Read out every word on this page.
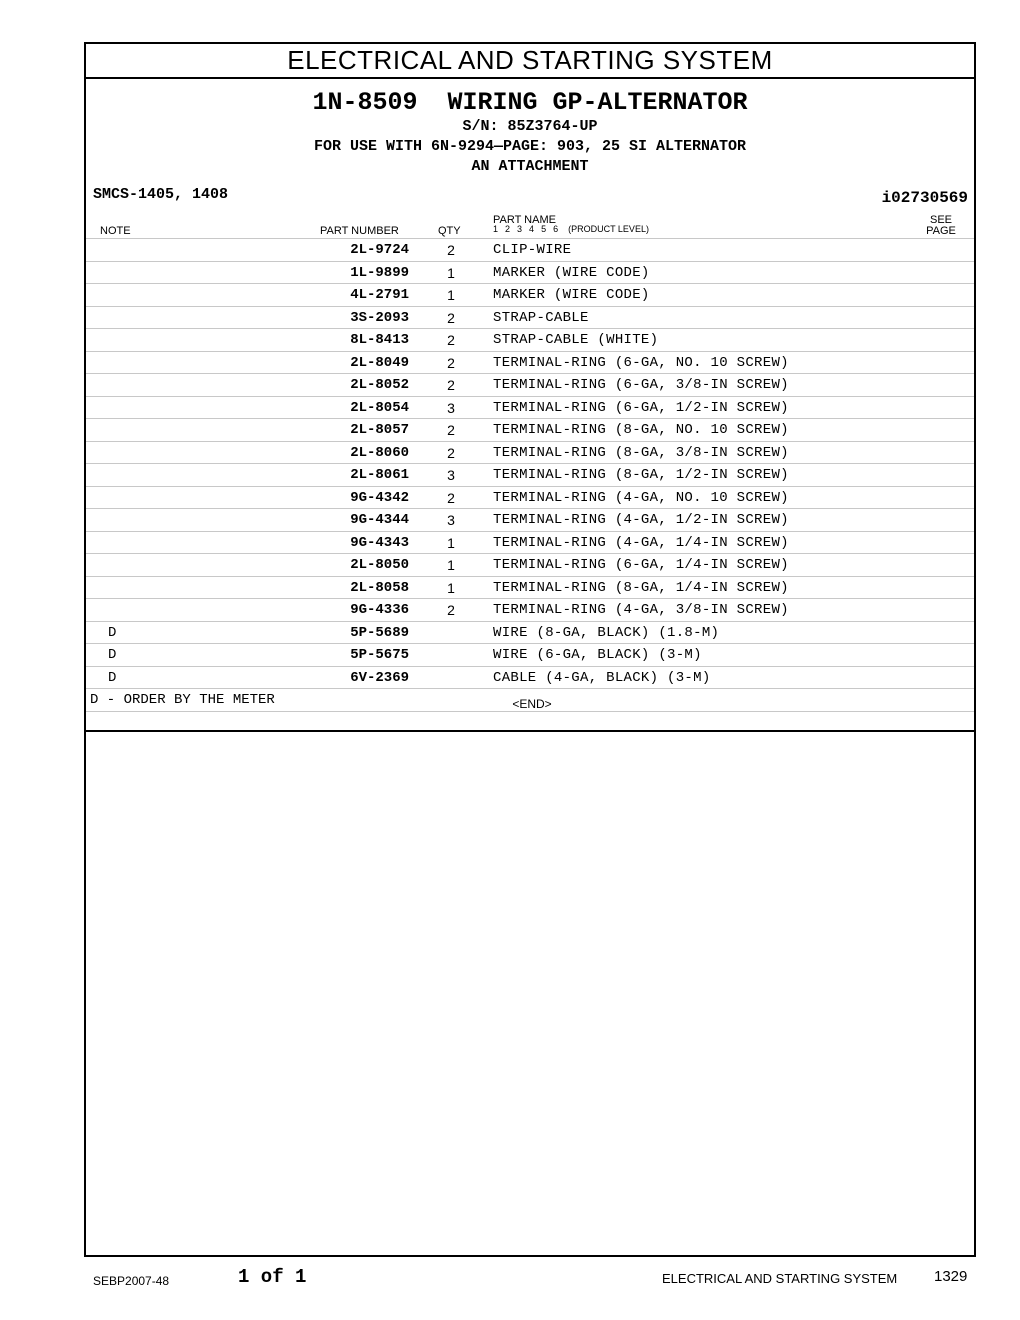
ELECTRICAL AND STARTING SYSTEM
1N-8509  WIRING GP-ALTERNATOR
S/N: 85Z3764-UP
FOR USE WITH 6N-9294—PAGE: 903, 25 SI ALTERNATOR
AN ATTACHMENT
SMCS-1405, 1408	i02730569
NOTE	PART NUMBER	QTY
PART NAME
1 2 3 4 5 6 (PRODUCT LEVEL)
SEE
PAGE
2L-9724	2	CLIP-WIRE
1L-9899	1	MARKER (WIRE CODE)
4L-2791	1	MARKER (WIRE CODE)
3S-2093	2	STRAP-CABLE
8L-8413	2	STRAP-CABLE (WHITE)
2L-8049	2	TERMINAL-RING (6-GA, NO. 10 SCREW)
2L-8052	2	TERMINAL-RING (6-GA, 3/8-IN SCREW)
2L-8054	3	TERMINAL-RING (6-GA, 1/2-IN SCREW)
2L-8057	2	TERMINAL-RING (8-GA, NO. 10 SCREW)
2L-8060	2	TERMINAL-RING (8-GA, 3/8-IN SCREW)
2L-8061	3	TERMINAL-RING (8-GA, 1/2-IN SCREW)
9G-4342	2	TERMINAL-RING (4-GA, NO. 10 SCREW)
9G-4344	3	TERMINAL-RING (4-GA, 1/2-IN SCREW)
9G-4343	1	TERMINAL-RING (4-GA, 1/4-IN SCREW)
2L-8050	1	TERMINAL-RING (6-GA, 1/4-IN SCREW)
2L-8058	1	TERMINAL-RING (8-GA, 1/4-IN SCREW)
9G-4336	2	TERMINAL-RING (4-GA, 3/8-IN SCREW)
D	5P-5689	WIRE (8-GA, BLACK) (1.8-M)
D	5P-5675	WIRE (6-GA, BLACK) (3-M)
D	6V-2369	CABLE (4-GA, BLACK) (3-M)
D - ORDER BY THE METER	<END>
SEBP2007-48	1 of 1	ELECTRICAL AND STARTING SYSTEM 1329
